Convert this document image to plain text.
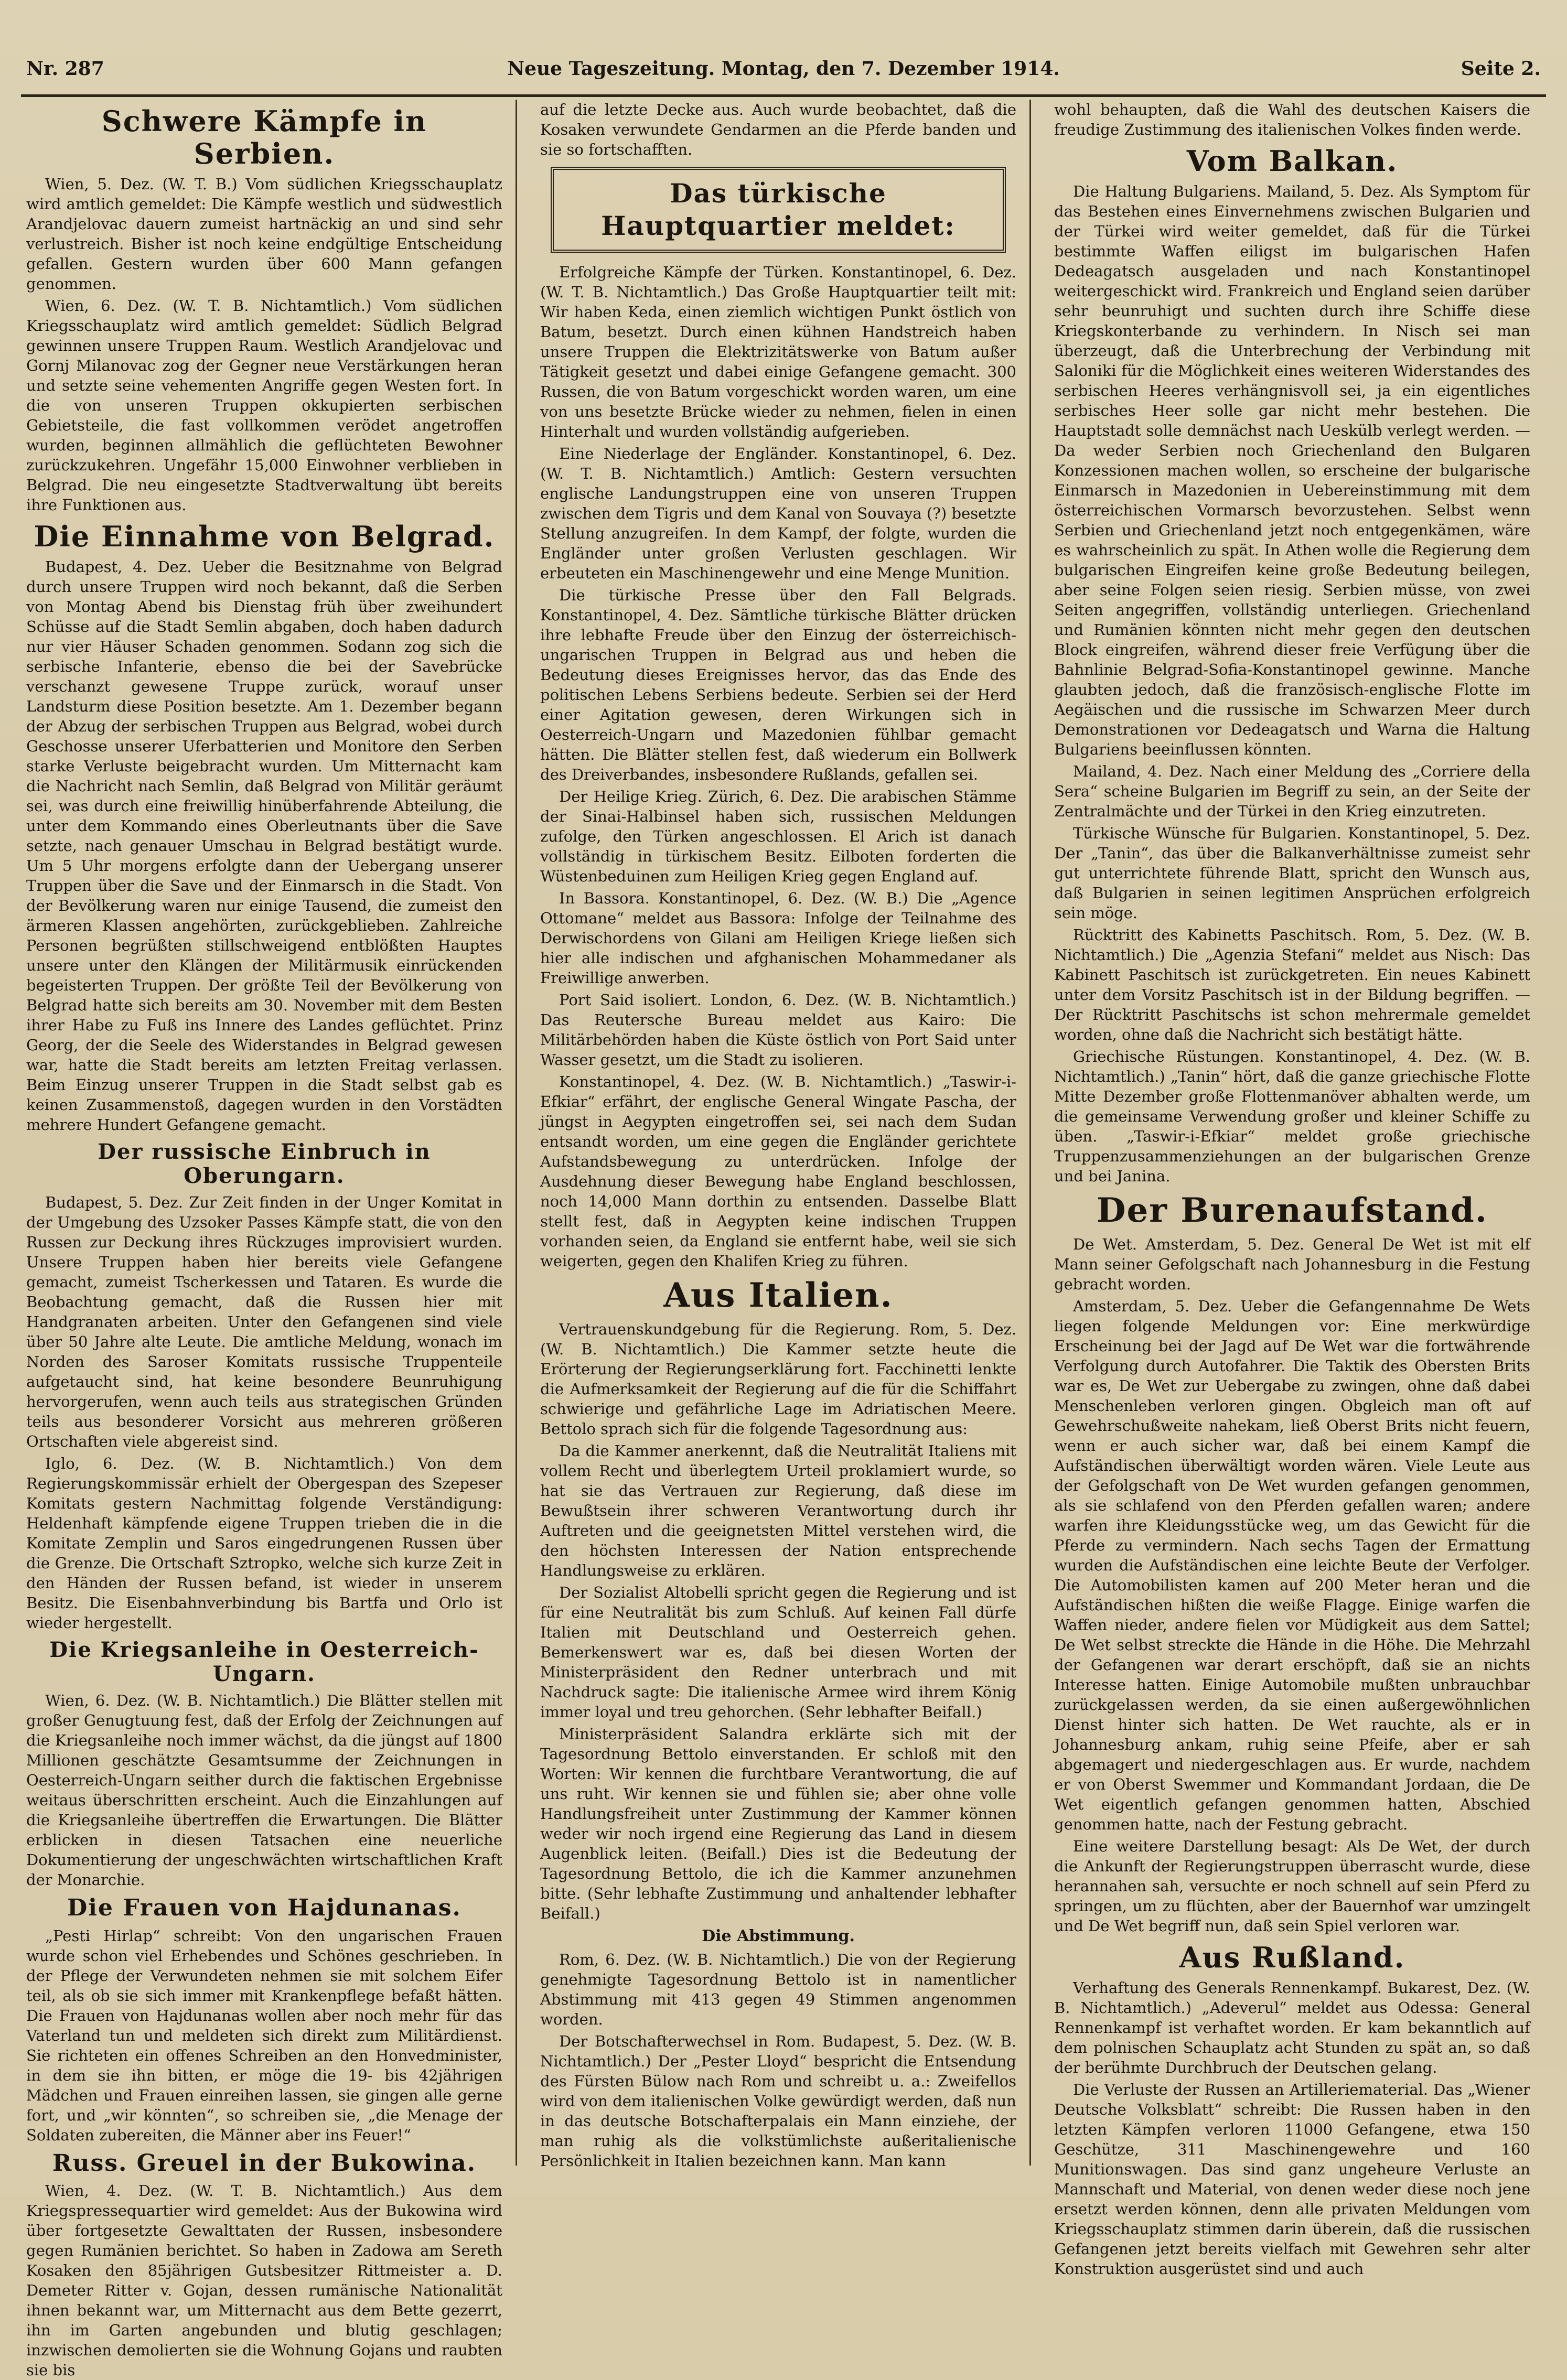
Nr. 287	Neue Tageszeitung. Montag, den 7. Dezember 1914.	Seite 2.
Schwere Kämpfe in Serbien.

Wien, 5. Dez. (W. T. B.) Vom südlichen Kriegsschauplatz wird amtlich gemeldet: Die Kämpfe westlich und südwestlich Arandjelovac dauern zumeist hartnäckig an und sind sehr verlustreich. Bisher ist noch keine endgültige Entscheidung gefallen. Gestern wurden über 600 Mann gefangen genommen.

Wien, 6. Dez. (W. T. B. Nichtamtlich.) Vom südlichen Kriegsschauplatz wird amtlich gemeldet: Südlich Belgrad gewinnen unsere Truppen Raum. Westlich Arandjelovac und Gornj Milanovac zog der Gegner neue Verstärkungen heran und setzte seine vehementen Angriffe gegen Westen fort. In die von unseren Truppen okkupierten serbischen Gebietsteile, die fast vollkommen verödet angetroffen wurden, beginnen allmählich die geflüchteten Bewohner zurückzukehren. Ungefähr 15,000 Einwohner verblieben in Belgrad. Die neu eingesetzte Stadtverwaltung übt bereits ihre Funktionen aus.

Die Einnahme von Belgrad.

Budapest, 4. Dez. Ueber die Besitznahme von Belgrad durch unsere Truppen wird noch bekannt, daß die Serben von Montag Abend bis Dienstag früh über zweihundert Schüsse auf die Stadt Semlin abgaben, doch haben dadurch nur vier Häuser Schaden genommen. Sodann zog sich die serbische Infanterie, ebenso die bei der Savebrücke verschanzt gewesene Truppe zurück, worauf unser Landsturm diese Position besetzte. Am 1. Dezember begann der Abzug der serbischen Truppen aus Belgrad, wobei durch Geschosse unserer Uferbatterien und Monitore den Serben starke Verluste beigebracht wurden. Um Mitternacht kam die Nachricht nach Semlin, daß Belgrad von Militär geräumt sei, was durch eine freiwillig hinüberfahrende Abteilung, die unter dem Kommando eines Oberleutnants über die Save setzte, nach genauer Umschau in Belgrad bestätigt wurde. Um 5 Uhr morgens erfolgte dann der Uebergang unserer Truppen über die Save und der Einmarsch in die Stadt. Von der Bevölkerung waren nur einige Tausend, die zumeist den ärmeren Klassen angehörten, zurückgeblieben. Zahlreiche Personen begrüßten stillschweigend entblößten Hauptes unsere unter den Klängen der Militärmusik einrückenden begeisterten Truppen. Der größte Teil der Bevölkerung von Belgrad hatte sich bereits am 30. November mit dem Besten ihrer Habe zu Fuß ins Innere des Landes geflüchtet. Prinz Georg, der die Seele des Widerstandes in Belgrad gewesen war, hatte die Stadt bereits am letzten Freitag verlassen. Beim Einzug unserer Truppen in die Stadt selbst gab es keinen Zusammenstoß, dagegen wurden in den Vorstädten mehrere Hundert Gefangene gemacht.

Der russische Einbruch in Oberungarn.

Budapest, 5. Dez. Zur Zeit finden in der Unger Komitat in der Umgebung des Uzsoker Passes Kämpfe statt, die von den Russen zur Deckung ihres Rückzuges improvisiert wurden. Unsere Truppen haben hier bereits viele Gefangene gemacht, zumeist Tscherkessen und Tataren. Es wurde die Beobachtung gemacht, daß die Russen hier mit Handgranaten arbeiten. Unter den Gefangenen sind viele über 50 Jahre alte Leute. Die amtliche Meldung, wonach im Norden des Saroser Komitats russische Truppenteile aufgetaucht sind, hat keine besondere Beunruhigung hervorgerufen, wenn auch teils aus strategischen Gründen teils aus besonderer Vorsicht aus mehreren größeren Ortschaften viele abgereist sind.

Iglo, 6. Dez. (W. B. Nichtamtlich.) Von dem Regierungskommissär erhielt der Obergespan des Szepeser Komitats gestern Nachmittag folgende Verständigung: Heldenhaft kämpfende eigene Truppen trieben die in die Komitate Zemplin und Saros eingedrungenen Russen über die Grenze. Die Ortschaft Sztropko, welche sich kurze Zeit in den Händen der Russen befand, ist wieder in unserem Besitz. Die Eisenbahnverbindung bis Bartfa und Orlo ist wieder hergestellt.

Die Kriegsanleihe in Oesterreich-Ungarn.

Wien, 6. Dez. (W. B. Nichtamtlich.) Die Blätter stellen mit großer Genugtuung fest, daß der Erfolg der Zeichnungen auf die Kriegsanleihe noch immer wächst, da die jüngst auf 1800 Millionen geschätzte Gesamtsumme der Zeichnungen in Oesterreich-Ungarn seither durch die faktischen Ergebnisse weitaus überschritten erscheint. Auch die Einzahlungen auf die Kriegsanleihe übertreffen die Erwartungen. Die Blätter erblicken in diesen Tatsachen eine neuerliche Dokumentierung der ungeschwächten wirtschaftlichen Kraft der Monarchie.

Die Frauen von Hajdunanas.

„Pesti Hirlap“ schreibt: Von den ungarischen Frauen wurde schon viel Erhebendes und Schönes geschrieben. In der Pflege der Verwundeten nehmen sie mit solchem Eifer teil, als ob sie sich immer mit Krankenpflege befaßt hätten. Die Frauen von Hajdunanas wollen aber noch mehr für das Vaterland tun und meldeten sich direkt zum Militärdienst. Sie richteten ein offenes Schreiben an den Honvedminister, in dem sie ihn bitten, er möge die 19- bis 42jährigen Mädchen und Frauen einreihen lassen, sie gingen alle gerne fort, und „wir könnten“, so schreiben sie, „die Menage der Soldaten zubereiten, die Männer aber ins Feuer!“

Russ. Greuel in der Bukowina.

Wien, 4. Dez. (W. T. B. Nichtamtlich.) Aus dem Kriegspressequartier wird gemeldet: Aus der Bukowina wird über fortgesetzte Gewalttaten der Russen, insbesondere gegen Rumänien berichtet. So haben in Zadowa am Sereth Kosaken den 85jährigen Gutsbesitzer Rittmeister a. D. Demeter Ritter v. Gojan, dessen rumänische Nationalität ihnen bekannt war, um Mitternacht aus dem Bette gezerrt, ihn im Garten angebunden und blutig geschlagen; inzwischen demolierten sie die Wohnung Gojans und raubten sie bis

auf die letzte Decke aus. Auch wurde beobachtet, daß die Kosaken verwundete Gendarmen an die Pferde banden und sie so fortschafften.

Das türkische Hauptquartier meldet:

Erfolgreiche Kämpfe der Türken. Konstantinopel, 6. Dez. (W. T. B. Nichtamtlich.) Das Große Hauptquartier teilt mit: Wir haben Keda, einen ziemlich wichtigen Punkt östlich von Batum, besetzt. Durch einen kühnen Handstreich haben unsere Truppen die Elektrizitätswerke von Batum außer Tätigkeit gesetzt und dabei einige Gefangene gemacht. 300 Russen, die von Batum vorgeschickt worden waren, um eine von uns besetzte Brücke wieder zu nehmen, fielen in einen Hinterhalt und wurden vollständig aufgerieben.

Eine Niederlage der Engländer. Konstantinopel, 6. Dez. (W. T. B. Nichtamtlich.) Amtlich: Gestern versuchten englische Landungstruppen eine von unseren Truppen zwischen dem Tigris und dem Kanal von Souvaya (?) besetzte Stellung anzugreifen. In dem Kampf, der folgte, wurden die Engländer unter großen Verlusten geschlagen. Wir erbeuteten ein Maschinengewehr und eine Menge Munition.

Die türkische Presse über den Fall Belgrads. Konstantinopel, 4. Dez. Sämtliche türkische Blätter drücken ihre lebhafte Freude über den Einzug der österreichisch-ungarischen Truppen in Belgrad aus und heben die Bedeutung dieses Ereignisses hervor, das das Ende des politischen Lebens Serbiens bedeute. Serbien sei der Herd einer Agitation gewesen, deren Wirkungen sich in Oesterreich-Ungarn und Mazedonien fühlbar gemacht hätten. Die Blätter stellen fest, daß wiederum ein Bollwerk des Dreiverbandes, insbesondere Rußlands, gefallen sei.

Der Heilige Krieg. Zürich, 6. Dez. Die arabischen Stämme der Sinai-Halbinsel haben sich, russischen Meldungen zufolge, den Türken angeschlossen. El Arich ist danach vollständig in türkischem Besitz. Eilboten forderten die Wüstenbeduinen zum Heiligen Krieg gegen England auf.

In Bassora. Konstantinopel, 6. Dez. (W. B.) Die „Agence Ottomane“ meldet aus Bassora: Infolge der Teilnahme des Derwischordens von Gilani am Heiligen Kriege ließen sich hier alle indischen und afghanischen Mohammedaner als Freiwillige anwerben.

Port Said isoliert. London, 6. Dez. (W. B. Nichtamtlich.) Das Reutersche Bureau meldet aus Kairo: Die Militärbehörden haben die Küste östlich von Port Said unter Wasser gesetzt, um die Stadt zu isolieren.

Konstantinopel, 4. Dez. (W. B. Nichtamtlich.) „Taswir-i-Efkiar“ erfährt, der englische General Wingate Pascha, der jüngst in Aegypten eingetroffen sei, sei nach dem Sudan entsandt worden, um eine gegen die Engländer gerichtete Aufstandsbewegung zu unterdrücken. Infolge der Ausdehnung dieser Bewegung habe England beschlossen, noch 14,000 Mann dorthin zu entsenden. Dasselbe Blatt stellt fest, daß in Aegypten keine indischen Truppen vorhanden seien, da England sie entfernt habe, weil sie sich weigerten, gegen den Khalifen Krieg zu führen.

Aus Italien.

Vertrauenskundgebung für die Regierung. Rom, 5. Dez. (W. B. Nichtamtlich.) Die Kammer setzte heute die Erörterung der Regierungserklärung fort. Facchinetti lenkte die Aufmerksamkeit der Regierung auf die für die Schiffahrt schwierige und gefährliche Lage im Adriatischen Meere. Bettolo sprach sich für die folgende Tagesordnung aus:

Da die Kammer anerkennt, daß die Neutralität Italiens mit vollem Recht und überlegtem Urteil proklamiert wurde, so hat sie das Vertrauen zur Regierung, daß diese im Bewußtsein ihrer schweren Verantwortung durch ihr Auftreten und die geeignetsten Mittel verstehen wird, die den höchsten Interessen der Nation entsprechende Handlungsweise zu erklären.

Der Sozialist Altobelli spricht gegen die Regierung und ist für eine Neutralität bis zum Schluß. Auf keinen Fall dürfe Italien mit Deutschland und Oesterreich gehen. Bemerkenswert war es, daß bei diesen Worten der Ministerpräsident den Redner unterbrach und mit Nachdruck sagte: Die italienische Armee wird ihrem König immer loyal und treu gehorchen. (Sehr lebhafter Beifall.)

Ministerpräsident Salandra erklärte sich mit der Tagesordnung Bettolo einverstanden. Er schloß mit den Worten: Wir kennen die furchtbare Verantwortung, die auf uns ruht. Wir kennen sie und fühlen sie; aber ohne volle Handlungsfreiheit unter Zustimmung der Kammer können weder wir noch irgend eine Regierung das Land in diesem Augenblick leiten. (Beifall.) Dies ist die Bedeutung der Tagesordnung Bettolo, die ich die Kammer anzunehmen bitte. (Sehr lebhafte Zustimmung und anhaltender lebhafter Beifall.)

Die Abstimmung.

Rom, 6. Dez. (W. B. Nichtamtlich.) Die von der Regierung genehmigte Tagesordnung Bettolo ist in namentlicher Abstimmung mit 413 gegen 49 Stimmen angenommen worden.

Der Botschafterwechsel in Rom. Budapest, 5. Dez. (W. B. Nichtamtlich.) Der „Pester Lloyd“ bespricht die Entsendung des Fürsten Bülow nach Rom und schreibt u. a.: Zweifellos wird von dem italienischen Volke gewürdigt werden, daß nun in das deutsche Botschafterpalais ein Mann einziehe, der man ruhig als die volkstümlichste außeritalienische Persönlichkeit in Italien bezeichnen kann. Man kann

wohl behaupten, daß die Wahl des deutschen Kaisers die freudige Zustimmung des italienischen Volkes finden werde.

Vom Balkan.

Die Haltung Bulgariens. Mailand, 5. Dez. Als Symptom für das Bestehen eines Einvernehmens zwischen Bulgarien und der Türkei wird weiter gemeldet, daß für die Türkei bestimmte Waffen eiligst im bulgarischen Hafen Dedeagatsch ausgeladen und nach Konstantinopel weitergeschickt wird. Frankreich und England seien darüber sehr beunruhigt und suchten durch ihre Schiffe diese Kriegskonterbande zu verhindern. In Nisch sei man überzeugt, daß die Unterbrechung der Verbindung mit Saloniki für die Möglichkeit eines weiteren Widerstandes des serbischen Heeres verhängnisvoll sei, ja ein eigentliches serbisches Heer solle gar nicht mehr bestehen. Die Hauptstadt solle demnächst nach Ueskülb verlegt werden. — Da weder Serbien noch Griechenland den Bulgaren Konzessionen machen wollen, so erscheine der bulgarische Einmarsch in Mazedonien in Uebereinstimmung mit dem österreichischen Vormarsch bevorzustehen. Selbst wenn Serbien und Griechenland jetzt noch entgegenkämen, wäre es wahrscheinlich zu spät. In Athen wolle die Regierung dem bulgarischen Eingreifen keine große Bedeutung beilegen, aber seine Folgen seien riesig. Serbien müsse, von zwei Seiten angegriffen, vollständig unterliegen. Griechenland und Rumänien könnten nicht mehr gegen den deutschen Block eingreifen, während dieser freie Verfügung über die Bahnlinie Belgrad-Sofia-Konstantinopel gewinne. Manche glaubten jedoch, daß die französisch-englische Flotte im Aegäischen und die russische im Schwarzen Meer durch Demonstrationen vor Dedeagatsch und Warna die Haltung Bulgariens beeinflussen könnten.

Mailand, 4. Dez. Nach einer Meldung des „Corriere della Sera“ scheine Bulgarien im Begriff zu sein, an der Seite der Zentralmächte und der Türkei in den Krieg einzutreten.

Türkische Wünsche für Bulgarien. Konstantinopel, 5. Dez. Der „Tanin“, das über die Balkanverhältnisse zumeist sehr gut unterrichtete führende Blatt, spricht den Wunsch aus, daß Bulgarien in seinen legitimen Ansprüchen erfolgreich sein möge.

Rücktritt des Kabinetts Paschitsch. Rom, 5. Dez. (W. B. Nichtamtlich.) Die „Agenzia Stefani“ meldet aus Nisch: Das Kabinett Paschitsch ist zurückgetreten. Ein neues Kabinett unter dem Vorsitz Paschitsch ist in der Bildung begriffen. — Der Rücktritt Paschitschs ist schon mehrermale gemeldet worden, ohne daß die Nachricht sich bestätigt hätte.

Griechische Rüstungen. Konstantinopel, 4. Dez. (W. B. Nichtamtlich.) „Tanin“ hört, daß die ganze griechische Flotte Mitte Dezember große Flottenmanöver abhalten werde, um die gemeinsame Verwendung großer und kleiner Schiffe zu üben. „Taswir-i-Efkiar“ meldet große griechische Truppenzusammenziehungen an der bulgarischen Grenze und bei Janina.

Der Burenaufstand.

De Wet. Amsterdam, 5. Dez. General De Wet ist mit elf Mann seiner Gefolgschaft nach Johannesburg in die Festung gebracht worden.

Amsterdam, 5. Dez. Ueber die Gefangennahme De Wets liegen folgende Meldungen vor: Eine merkwürdige Erscheinung bei der Jagd auf De Wet war die fortwährende Verfolgung durch Autofahrer. Die Taktik des Obersten Brits war es, De Wet zur Uebergabe zu zwingen, ohne daß dabei Menschenleben verloren gingen. Obgleich man oft auf Gewehrschußweite nahekam, ließ Oberst Brits nicht feuern, wenn er auch sicher war, daß bei einem Kampf die Aufständischen überwältigt worden wären. Viele Leute aus der Gefolgschaft von De Wet wurden gefangen genommen, als sie schlafend von den Pferden gefallen waren; andere warfen ihre Kleidungsstücke weg, um das Gewicht für die Pferde zu vermindern. Nach sechs Tagen der Ermattung wurden die Aufständischen eine leichte Beute der Verfolger. Die Automobilisten kamen auf 200 Meter heran und die Aufständischen hißten die weiße Flagge. Einige warfen die Waffen nieder, andere fielen vor Müdigkeit aus dem Sattel; De Wet selbst streckte die Hände in die Höhe. Die Mehrzahl der Gefangenen war derart erschöpft, daß sie an nichts Interesse hatten. Einige Automobile mußten unbrauchbar zurückgelassen werden, da sie einen außergewöhnlichen Dienst hinter sich hatten. De Wet rauchte, als er in Johannesburg ankam, ruhig seine Pfeife, aber er sah abgemagert und niedergeschlagen aus. Er wurde, nachdem er von Oberst Swemmer und Kommandant Jordaan, die De Wet eigentlich gefangen genommen hatten, Abschied genommen hatte, nach der Festung gebracht.

Eine weitere Darstellung besagt: Als De Wet, der durch die Ankunft der Regierungstruppen überrascht wurde, diese herannahen sah, versuchte er noch schnell auf sein Pferd zu springen, um zu flüchten, aber der Bauernhof war umzingelt und De Wet begriff nun, daß sein Spiel verloren war.

Aus Rußland.

Verhaftung des Generals Rennenkampf. Bukarest, Dez. (W. B. Nichtamtlich.) „Adeverul“ meldet aus Odessa: General Rennenkampf ist verhaftet worden. Er kam bekanntlich auf dem polnischen Schauplatz acht Stunden zu spät an, so daß der berühmte Durchbruch der Deutschen gelang.

Die Verluste der Russen an Artilleriematerial. Das „Wiener Deutsche Volksblatt“ schreibt: Die Russen haben in den letzten Kämpfen verloren 11000 Gefangene, etwa 150 Geschütze, 311 Maschinengewehre und 160 Munitionswagen. Das sind ganz ungeheure Verluste an Mannschaft und Material, von denen weder diese noch jene ersetzt werden können, denn alle privaten Meldungen vom Kriegsschauplatz stimmen darin überein, daß die russischen Gefangenen jetzt bereits vielfach mit Gewehren sehr alter Konstruktion ausgerüstet sind und auch
